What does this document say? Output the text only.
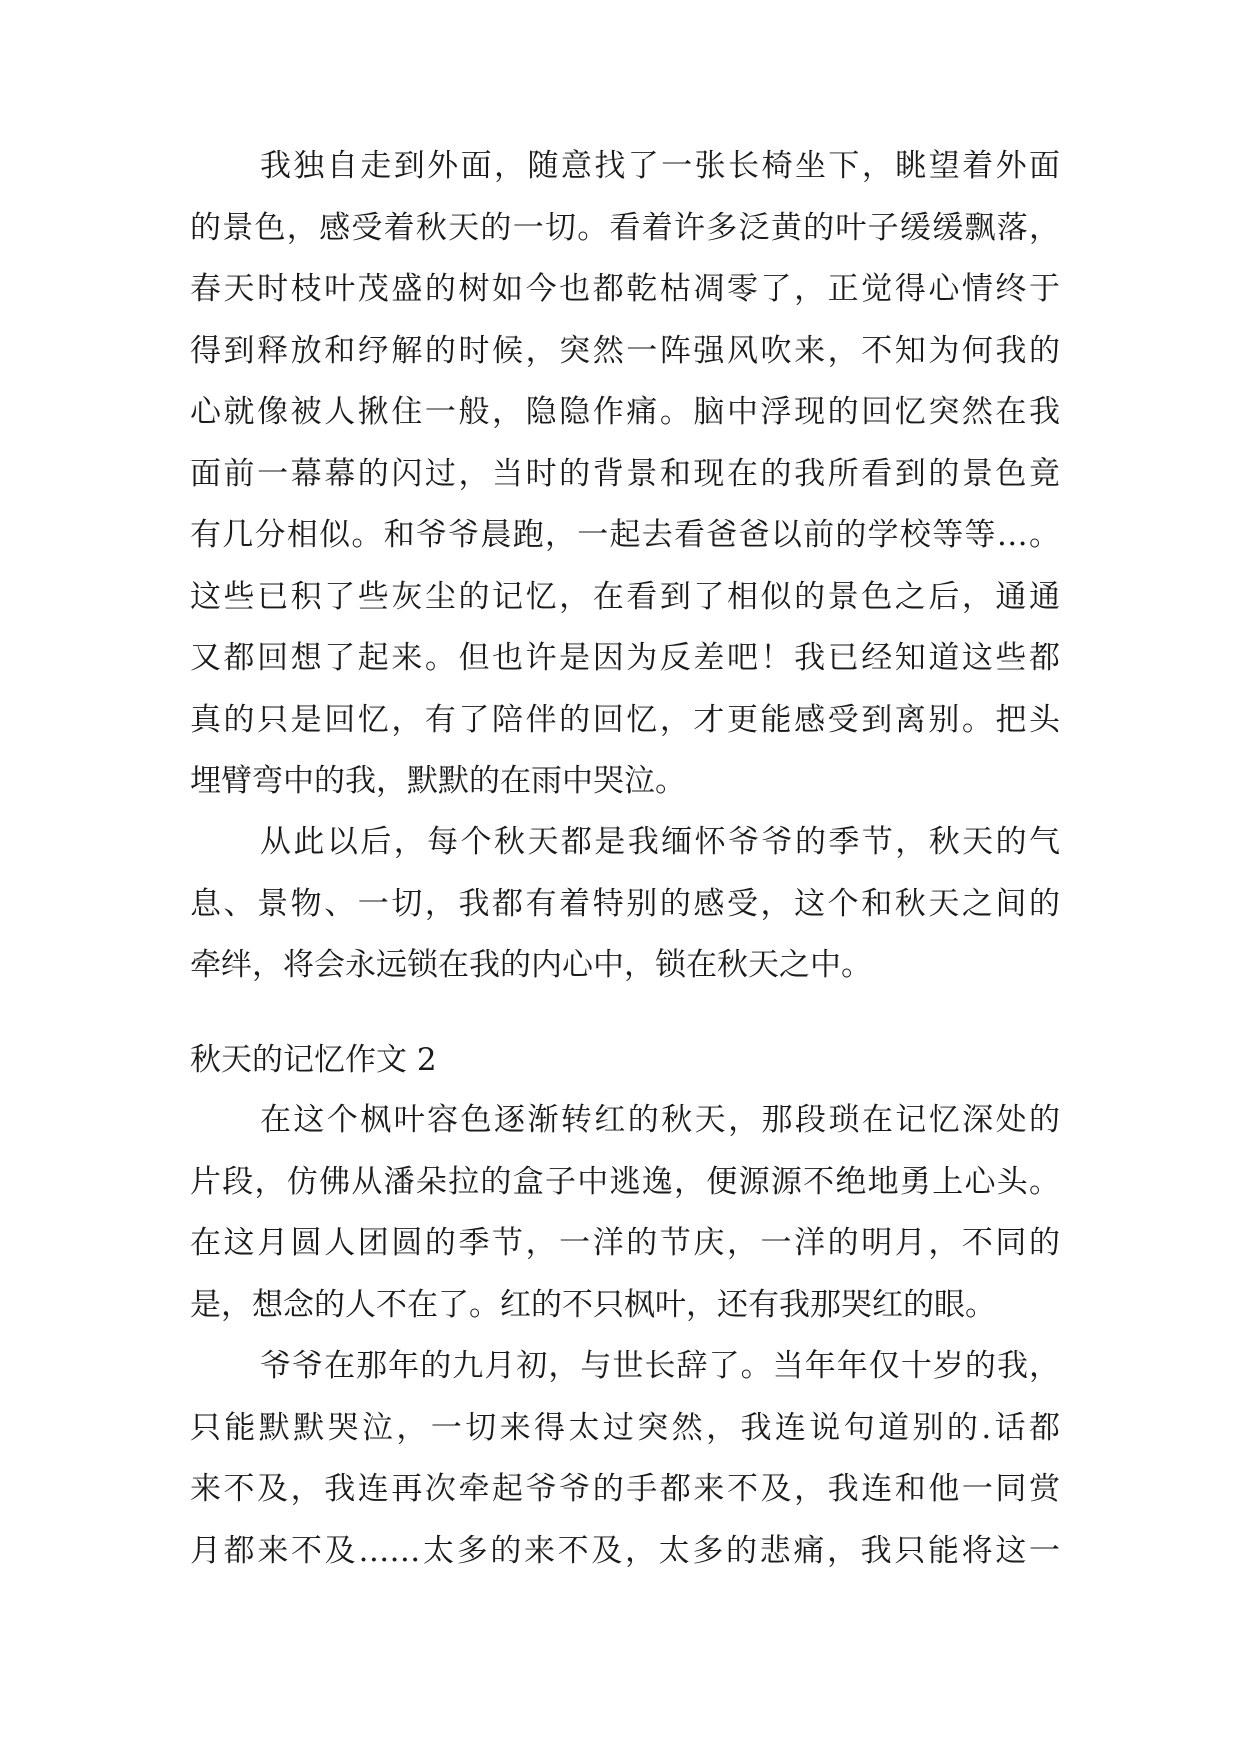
我独自走到外面，随意找了一张长椅坐下，眺望着外面
的景色，感受着秋天的一切。看着许多泛黄的叶子缓缓飘落，
春天时枝叶茂盛的树如今也都乾枯凋零了，正觉得心情终于
得到释放和纾解的时候，突然一阵强风吹来，不知为何我的
心就像被人揪住一般，隐隐作痛。脑中浮现的回忆突然在我
面前一幕幕的闪过，当时的背景和现在的我所看到的景色竟
有几分相似。和爷爷晨跑，一起去看爸爸以前的学校等等…。
这些已积了些灰尘的记忆，在看到了相似的景色之后，通通
又都回想了起来。但也许是因为反差吧！我已经知道这些都
真的只是回忆，有了陪伴的回忆，才更能感受到离别。把头
埋臂弯中的我，默默的在雨中哭泣。
从此以后，每个秋天都是我缅怀爷爷的季节，秋天的气
息、景物、一切，我都有着特别的感受，这个和秋天之间的
牵绊，将会永远锁在我的内心中，锁在秋天之中。
秋天的记忆作文 2
在这个枫叶容色逐渐转红的秋天，那段琐在记忆深处的
片段，仿佛从潘朵拉的盒子中逃逸，便源源不绝地勇上心头。
在这月圆人团圆的季节，一洋的节庆，一洋的明月，不同的
是，想念的人不在了。红的不只枫叶，还有我那哭红的眼。
爷爷在那年的九月初，与世长辞了。当年年仅十岁的我，
只能默默哭泣，一切来得太过突然，我连说句道别的.话都
来不及，我连再次牵起爷爷的手都来不及，我连和他一同赏
月都来不及……太多的来不及，太多的悲痛，我只能将这一
